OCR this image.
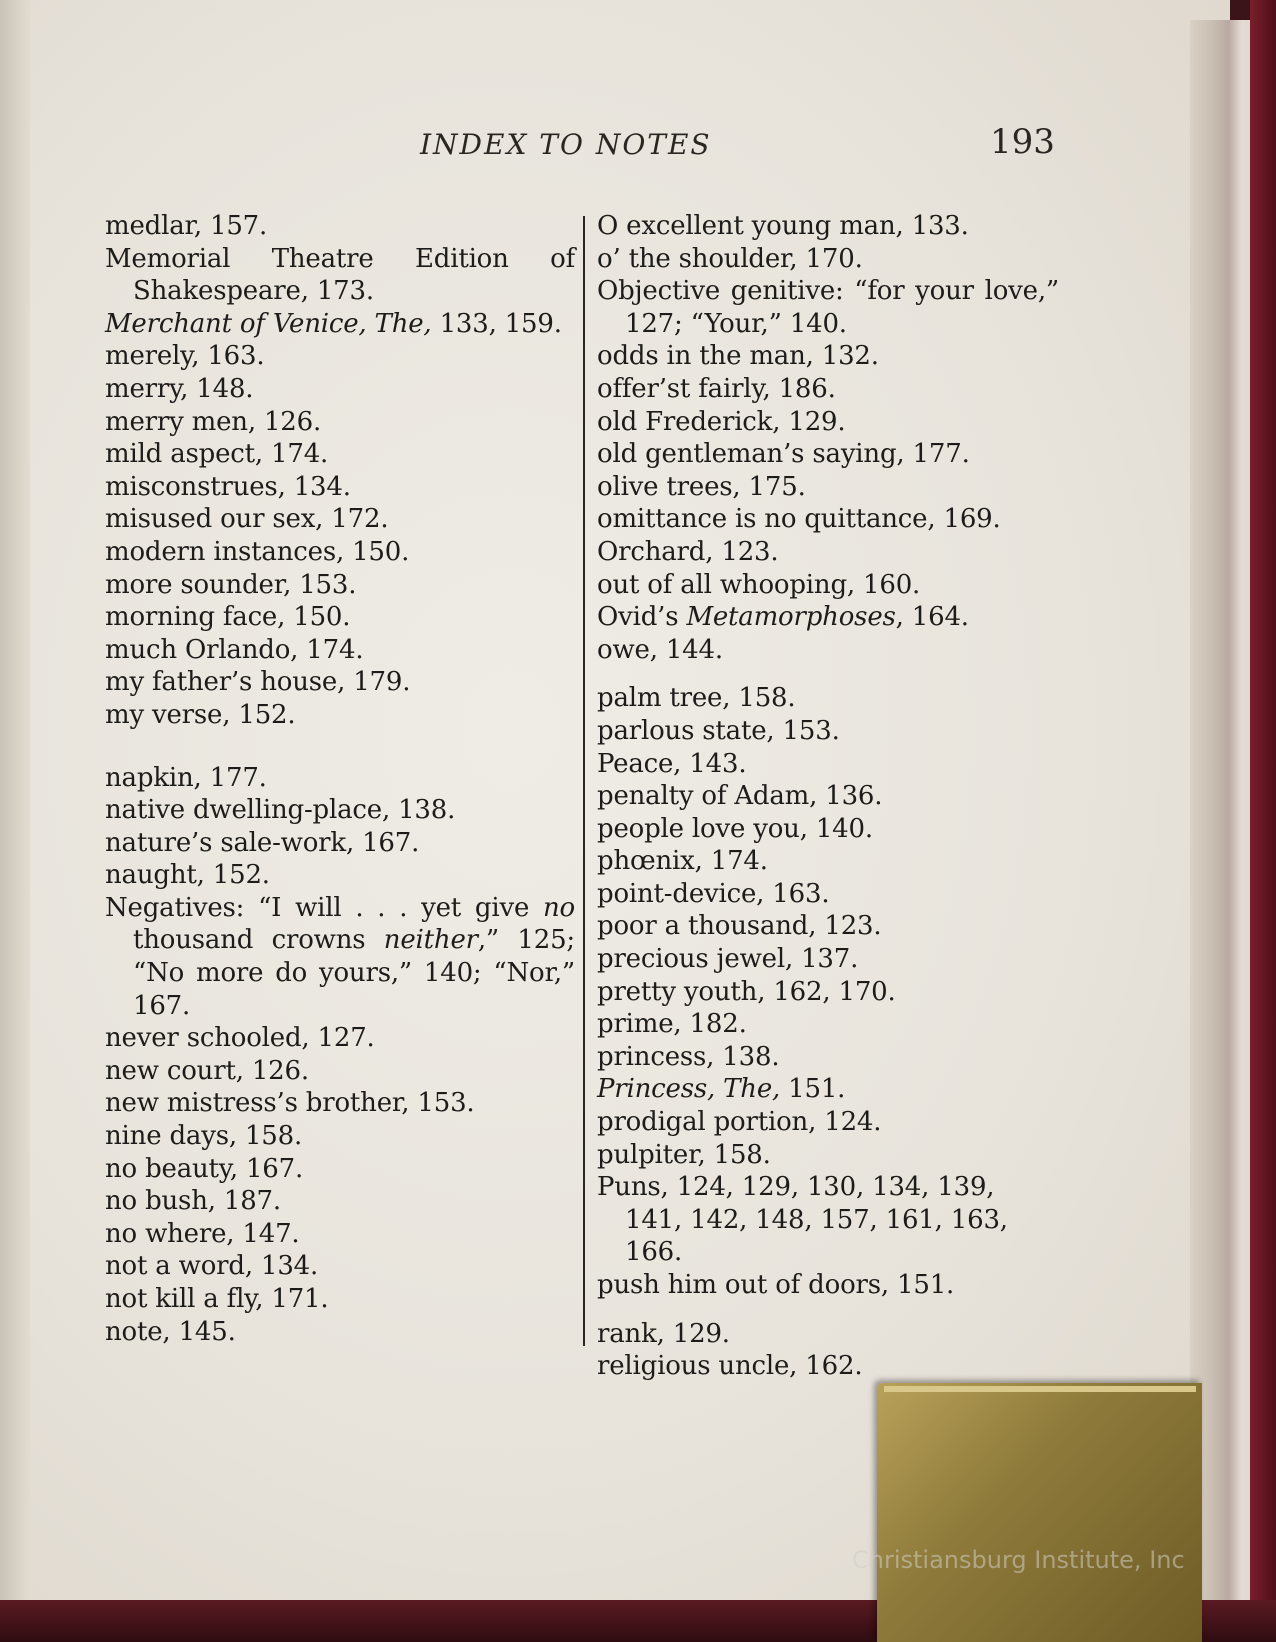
INDEX TO NOTES	193
medlar, 157.
Memorial Theatre Edition of Shakespeare, 173.
Merchant of Venice, The, 133, 159.
merely, 163.
merry, 148.
merry men, 126.
mild aspect, 174.
misconstrues, 134.
misused our sex, 172.
modern instances, 150.
more sounder, 153.
morning face, 150.
much Orlando, 174.
my father’s house, 179.
my verse, 152.
napkin, 177.
native dwelling-place, 138.
nature’s sale-work, 167.
naught, 152.
Negatives: “I will . . . yet give no thousand crowns neither,” 125; “No more do yours,” 140; “Nor,” 167.
never schooled, 127.
new court, 126.
new mistress’s brother, 153.
nine days, 158.
no beauty, 167.
no bush, 187.
no where, 147.
not a word, 134.
not kill a fly, 171.
note, 145.
O excellent young man, 133.
o’ the shoulder, 170.
Objective genitive: “for your love,” 127; “Your,” 140.
odds in the man, 132.
offer’st fairly, 186.
old Frederick, 129.
old gentleman’s saying, 177.
olive trees, 175.
omittance is no quittance, 169.
Orchard, 123.
out of all whooping, 160.
Ovid’s Metamorphoses, 164.
owe, 144.
palm tree, 158.
parlous state, 153.
Peace, 143.
penalty of Adam, 136.
people love you, 140.
phœnix, 174.
point-device, 163.
poor a thousand, 123.
precious jewel, 137.
pretty youth, 162, 170.
prime, 182.
princess, 138.
Princess, The, 151.
prodigal portion, 124.
pulpiter, 158.
Puns, 124, 129, 130, 134, 139, 141, 142, 148, 157, 161, 163, 166.
push him out of doors, 151.
rank, 129.
religious uncle, 162.
Christiansburg Institute, Inc
